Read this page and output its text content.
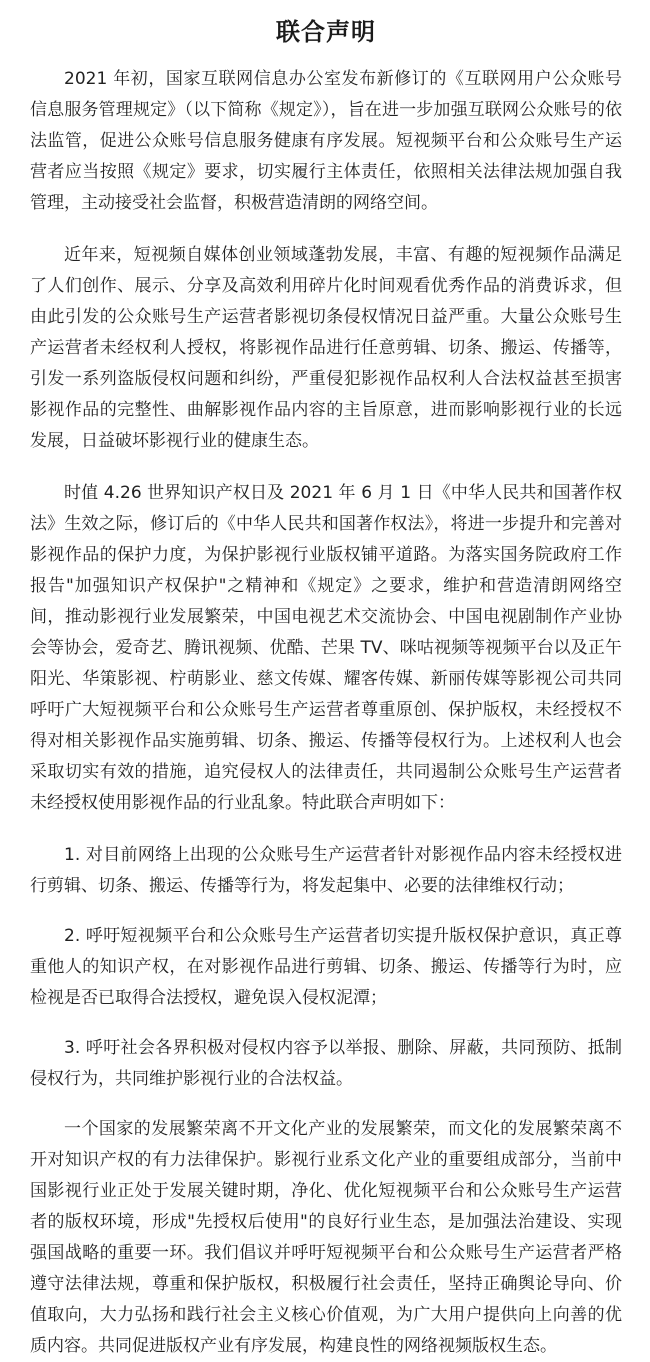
联合声明

2021 年初，国家互联网信息办公室发布新修订的《互联网用户公众账号信息服务管理规定》（以下简称《规定》），旨在进一步加强互联网公众账号的依法监管，促进公众账号信息服务健康有序发展。短视频平台和公众账号生产运营者应当按照《规定》要求，切实履行主体责任，依照相关法律法规加强自我管理，主动接受社会监督，积极营造清朗的网络空间。

近年来，短视频自媒体创业领域蓬勃发展，丰富、有趣的短视频作品满足了人们创作、展示、分享及高效利用碎片化时间观看优秀作品的消费诉求，但由此引发的公众账号生产运营者影视切条侵权情况日益严重。大量公众账号生产运营者未经权利人授权，将影视作品进行任意剪辑、切条、搬运、传播等，引发一系列盗版侵权问题和纠纷，严重侵犯影视作品权利人合法权益甚至损害影视作品的完整性、曲解影视作品内容的主旨原意，进而影响影视行业的长远发展，日益破坏影视行业的健康生态。

时值 4.26 世界知识产权日及 2021 年 6 月 1 日《中华人民共和国著作权法》生效之际，修订后的《中华人民共和国著作权法》，将进一步提升和完善对影视作品的保护力度，为保护影视行业版权铺平道路。为落实国务院政府工作报告"加强知识产权保护"之精神和《规定》之要求，维护和营造清朗网络空间，推动影视行业发展繁荣，中国电视艺术交流协会、中国电视剧制作产业协会等协会，爱奇艺、腾讯视频、优酷、芒果 TV、咪咕视频等视频平台以及正午阳光、华策影视、柠萌影业、慈文传媒、耀客传媒、新丽传媒等影视公司共同呼吁广大短视频平台和公众账号生产运营者尊重原创、保护版权，未经授权不得对相关影视作品实施剪辑、切条、搬运、传播等侵权行为。上述权利人也会采取切实有效的措施，追究侵权人的法律责任，共同遏制公众账号生产运营者未经授权使用影视作品的行业乱象。特此联合声明如下：

1. 对目前网络上出现的公众账号生产运营者针对影视作品内容未经授权进行剪辑、切条、搬运、传播等行为，将发起集中、必要的法律维权行动；

2. 呼吁短视频平台和公众账号生产运营者切实提升版权保护意识，真正尊重他人的知识产权，在对影视作品进行剪辑、切条、搬运、传播等行为时，应检视是否已取得合法授权，避免误入侵权泥潭；

3. 呼吁社会各界积极对侵权内容予以举报、删除、屏蔽，共同预防、抵制侵权行为，共同维护影视行业的合法权益。

一个国家的发展繁荣离不开文化产业的发展繁荣，而文化的发展繁荣离不开对知识产权的有力法律保护。影视行业系文化产业的重要组成部分，当前中国影视行业正处于发展关键时期，净化、优化短视频平台和公众账号生产运营者的版权环境，形成"先授权后使用"的良好行业生态，是加强法治建设、实现强国战略的重要一环。我们倡议并呼吁短视频平台和公众账号生产运营者严格遵守法律法规，尊重和保护版权，积极履行社会责任，坚持正确舆论导向、价值取向，大力弘扬和践行社会主义核心价值观，为广大用户提供向上向善的优质内容。共同促进版权产业有序发展，构建良性的网络视频版权生态。
